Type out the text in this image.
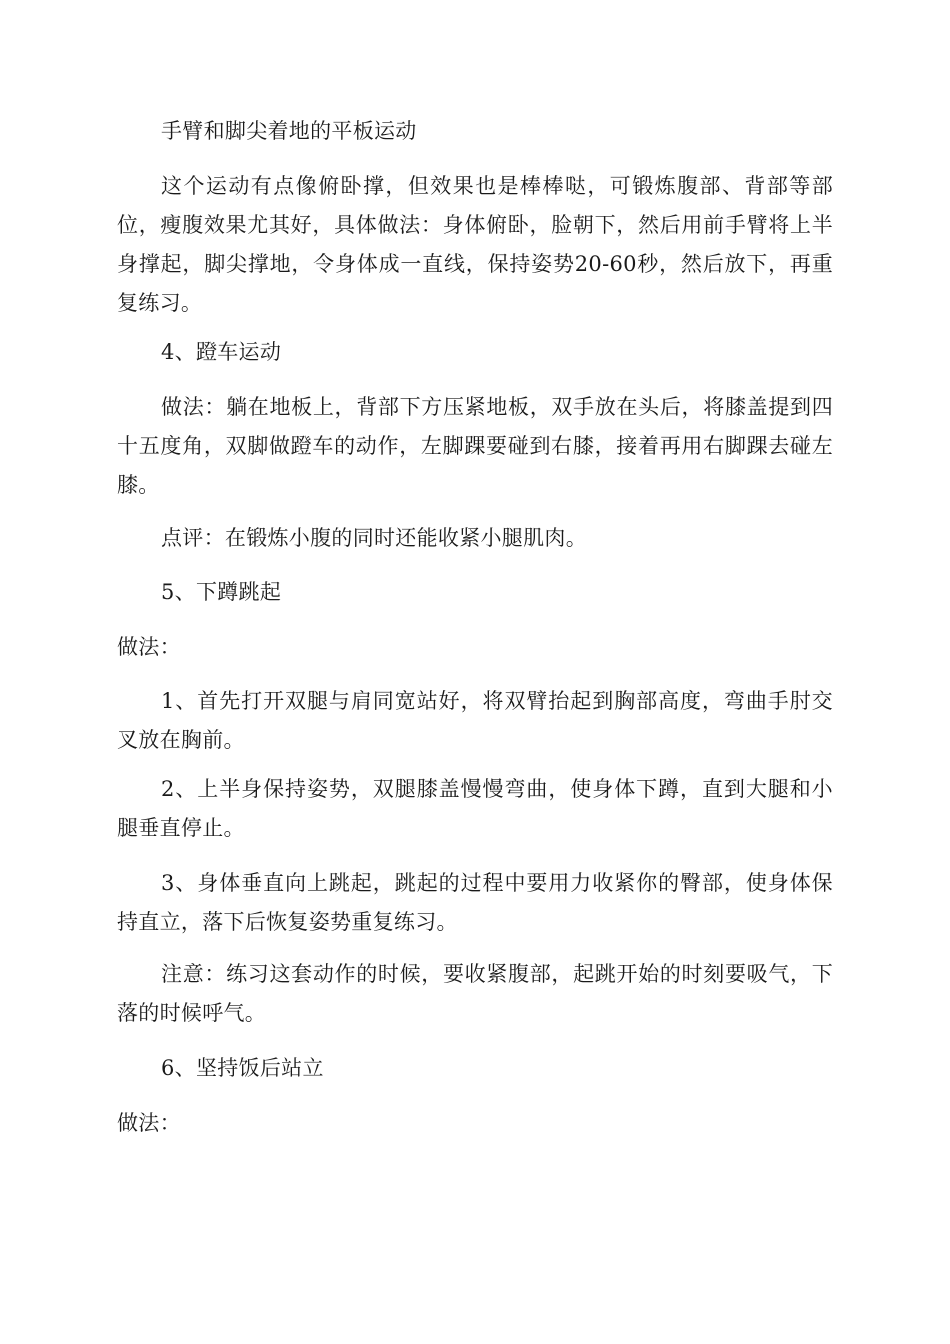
手臂和脚尖着地的平板运动

这个运动有点像俯卧撑，但效果也是棒棒哒，可锻炼腹部、背部等部位，瘦腹效果尤其好，具体做法：身体俯卧，脸朝下，然后用前手臂将上半身撑起，脚尖撑地，令身体成一直线，保持姿势20-60秒，然后放下，再重复练习。

4、蹬车运动

做法：躺在地板上，背部下方压紧地板，双手放在头后，将膝盖提到四十五度角，双脚做蹬车的动作，左脚踝要碰到右膝，接着再用右脚踝去碰左膝。

点评：在锻炼小腹的同时还能收紧小腿肌肉。

5、下蹲跳起

做法：

1、首先打开双腿与肩同宽站好，将双臂抬起到胸部高度，弯曲手肘交叉放在胸前。

2、上半身保持姿势，双腿膝盖慢慢弯曲，使身体下蹲，直到大腿和小腿垂直停止。

3、身体垂直向上跳起，跳起的过程中要用力收紧你的臀部，使身体保持直立，落下后恢复姿势重复练习。

注意：练习这套动作的时候，要收紧腹部，起跳开始的时刻要吸气，下落的时候呼气。

6、坚持饭后站立

做法：
